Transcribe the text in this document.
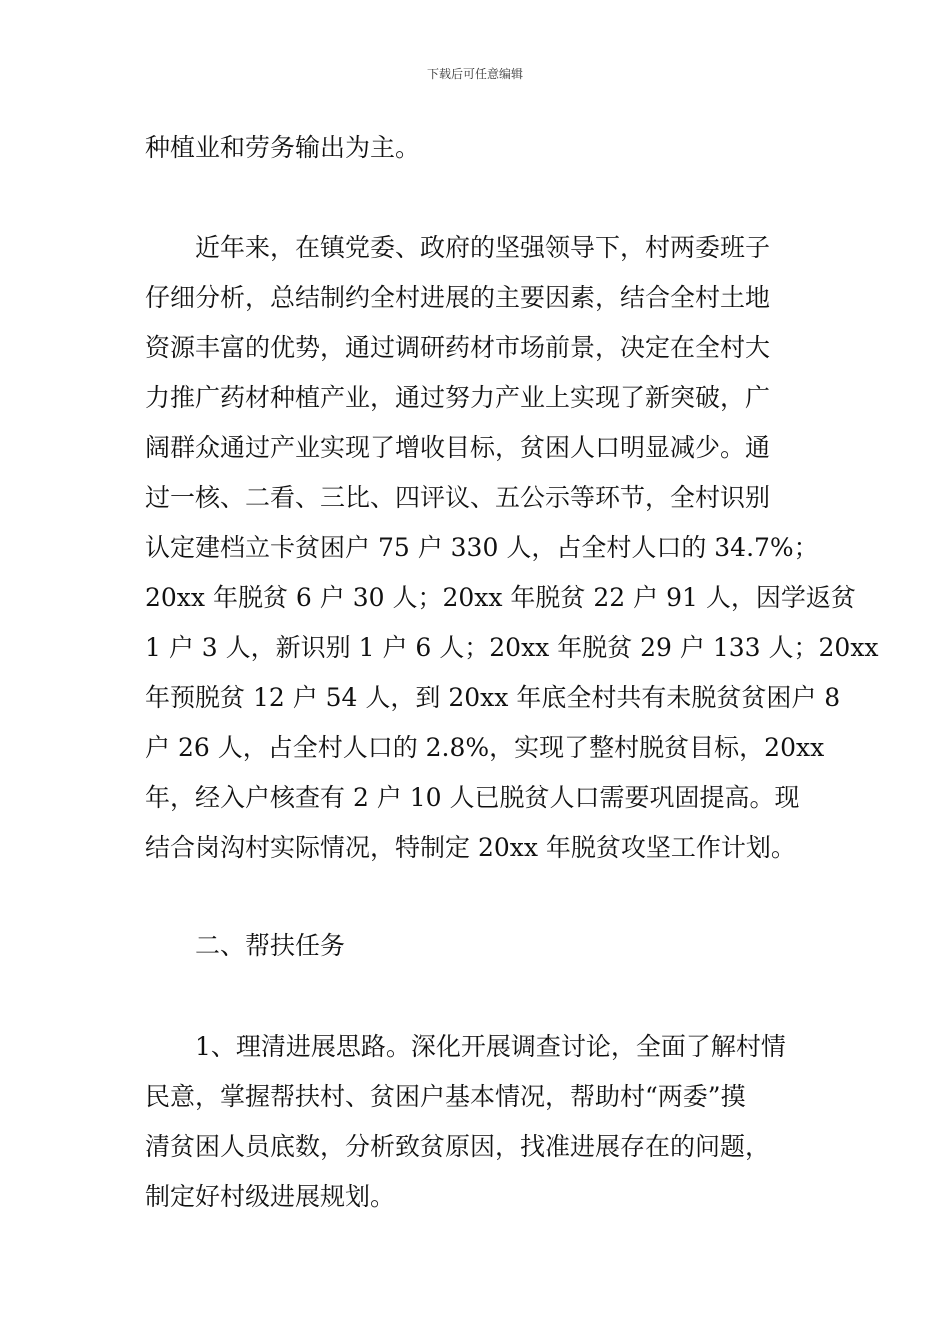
下载后可任意编辑
种植业和劳务输出为主。
近年来，在镇党委、政府的坚强领导下，村两委班子
仔细分析，总结制约全村进展的主要因素，结合全村土地
资源丰富的优势，通过调研药材市场前景，决定在全村大
力推广药材种植产业，通过努力产业上实现了新突破，广
阔群众通过产业实现了增收目标，贫困人口明显减少。通
过一核、二看、三比、四评议、五公示等环节，全村识别
认定建档立卡贫困户 75 户 330 人，占全村人口的 34.7%；
20xx 年脱贫 6 户 30 人；20xx 年脱贫 22 户 91 人，因学返贫
1 户 3 人，新识别 1 户 6 人；20xx 年脱贫 29 户 133 人；20xx
年预脱贫 12 户 54 人，到 20xx 年底全村共有未脱贫贫困户 8
户 26 人，占全村人口的 2.8%，实现了整村脱贫目标，20xx
年，经入户核查有 2 户 10 人已脱贫人口需要巩固提高。现
结合岗沟村实际情况，特制定 20xx 年脱贫攻坚工作计划。
二、帮扶任务
1、理清进展思路。深化开展调查讨论，全面了解村情
民意，掌握帮扶村、贫困户基本情况，帮助村“两委”摸
清贫困人员底数，分析致贫原因，找准进展存在的问题，
制定好村级进展规划。
